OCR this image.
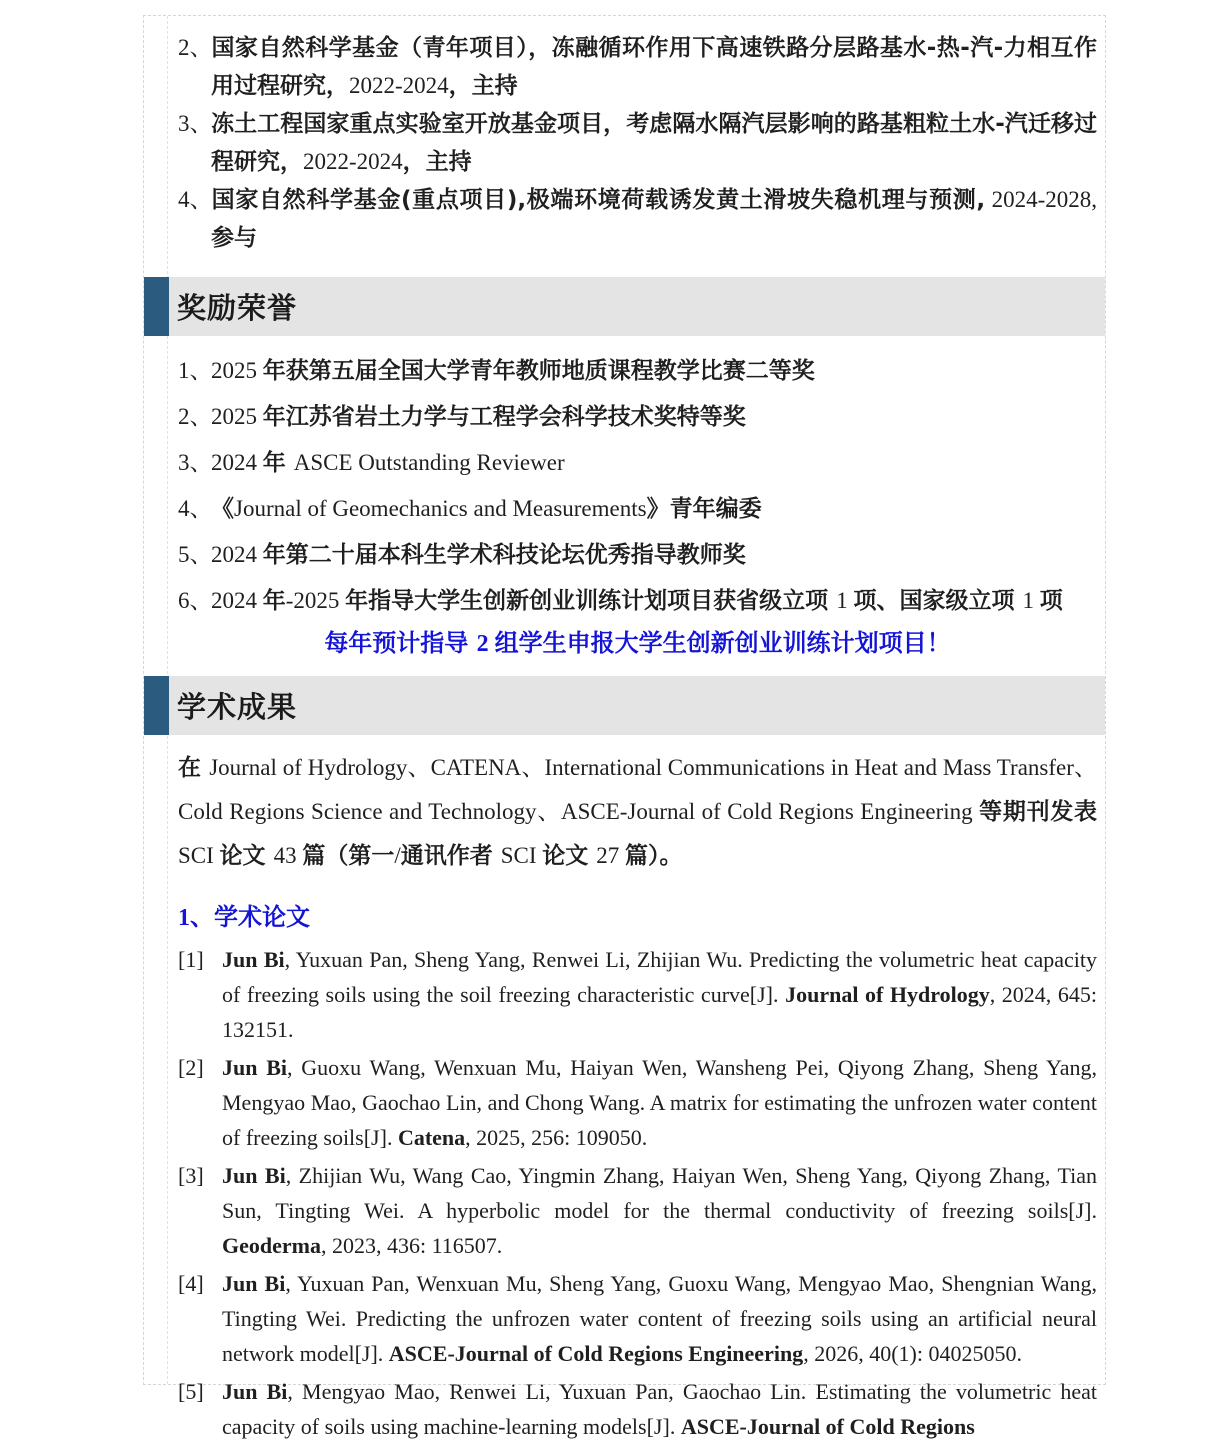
2、国家自然科学基金（青年项目），冻融循环作用下高速铁路分层路基水-热-汽-力相互作用过程研究，2022-2024，主持
3、冻土工程国家重点实验室开放基金项目，考虑隔水隔汽层影响的路基粗粒土水-汽迁移过程研究，2022-2024，主持
4、国家自然科学基金(重点项目),极端环境荷载诱发黄土滑坡失稳机理与预测, 2024-2028, 参与
奖励荣誉
1、2025 年获第五届全国大学青年教师地质课程教学比赛二等奖
2、2025 年江苏省岩土力学与工程学会科学技术奖特等奖
3、2024 年 ASCE Outstanding Reviewer
4、《Journal of Geomechanics and Measurements》青年编委
5、2024 年第二十届本科生学术科技论坛优秀指导教师奖
6、2024 年-2025 年指导大学生创新创业训练计划项目获省级立项 1 项、国家级立项 1 项
每年预计指导 2 组学生申报大学生创新创业训练计划项目！
学术成果

在 Journal of Hydrology、CATENA、International Communications in Heat and Mass Transfer、Cold Regions Science and Technology、ASCE-Journal of Cold Regions Engineering 等期刊发表 SCI 论文 43 篇（第一/通讯作者 SCI 论文 27 篇）。

1、学术论文
[1] Jun Bi, Yuxuan Pan, Sheng Yang, Renwei Li, Zhijian Wu. Predicting the volumetric heat capacity of freezing soils using the soil freezing characteristic curve[J]. Journal of Hydrology, 2024, 645: 132151.
[2] Jun Bi, Guoxu Wang, Wenxuan Mu, Haiyan Wen, Wansheng Pei, Qiyong Zhang, Sheng Yang, Mengyao Mao, Gaochao Lin, and Chong Wang. A matrix for estimating the unfrozen water content of freezing soils[J]. Catena, 2025, 256: 109050.
[3] Jun Bi, Zhijian Wu, Wang Cao, Yingmin Zhang, Haiyan Wen, Sheng Yang, Qiyong Zhang, Tian Sun, Tingting Wei. A hyperbolic model for the thermal conductivity of freezing soils[J]. Geoderma, 2023, 436: 116507.
[4] Jun Bi, Yuxuan Pan, Wenxuan Mu, Sheng Yang, Guoxu Wang, Mengyao Mao, Shengnian Wang, Tingting Wei. Predicting the unfrozen water content of freezing soils using an artificial neural network model[J]. ASCE-Journal of Cold Regions Engineering, 2026, 40(1): 04025050.
[5] Jun Bi, Mengyao Mao, Renwei Li, Yuxuan Pan, Gaochao Lin. Estimating the volumetric heat capacity of soils using machine-learning models[J]. ASCE-Journal of Cold Regions
